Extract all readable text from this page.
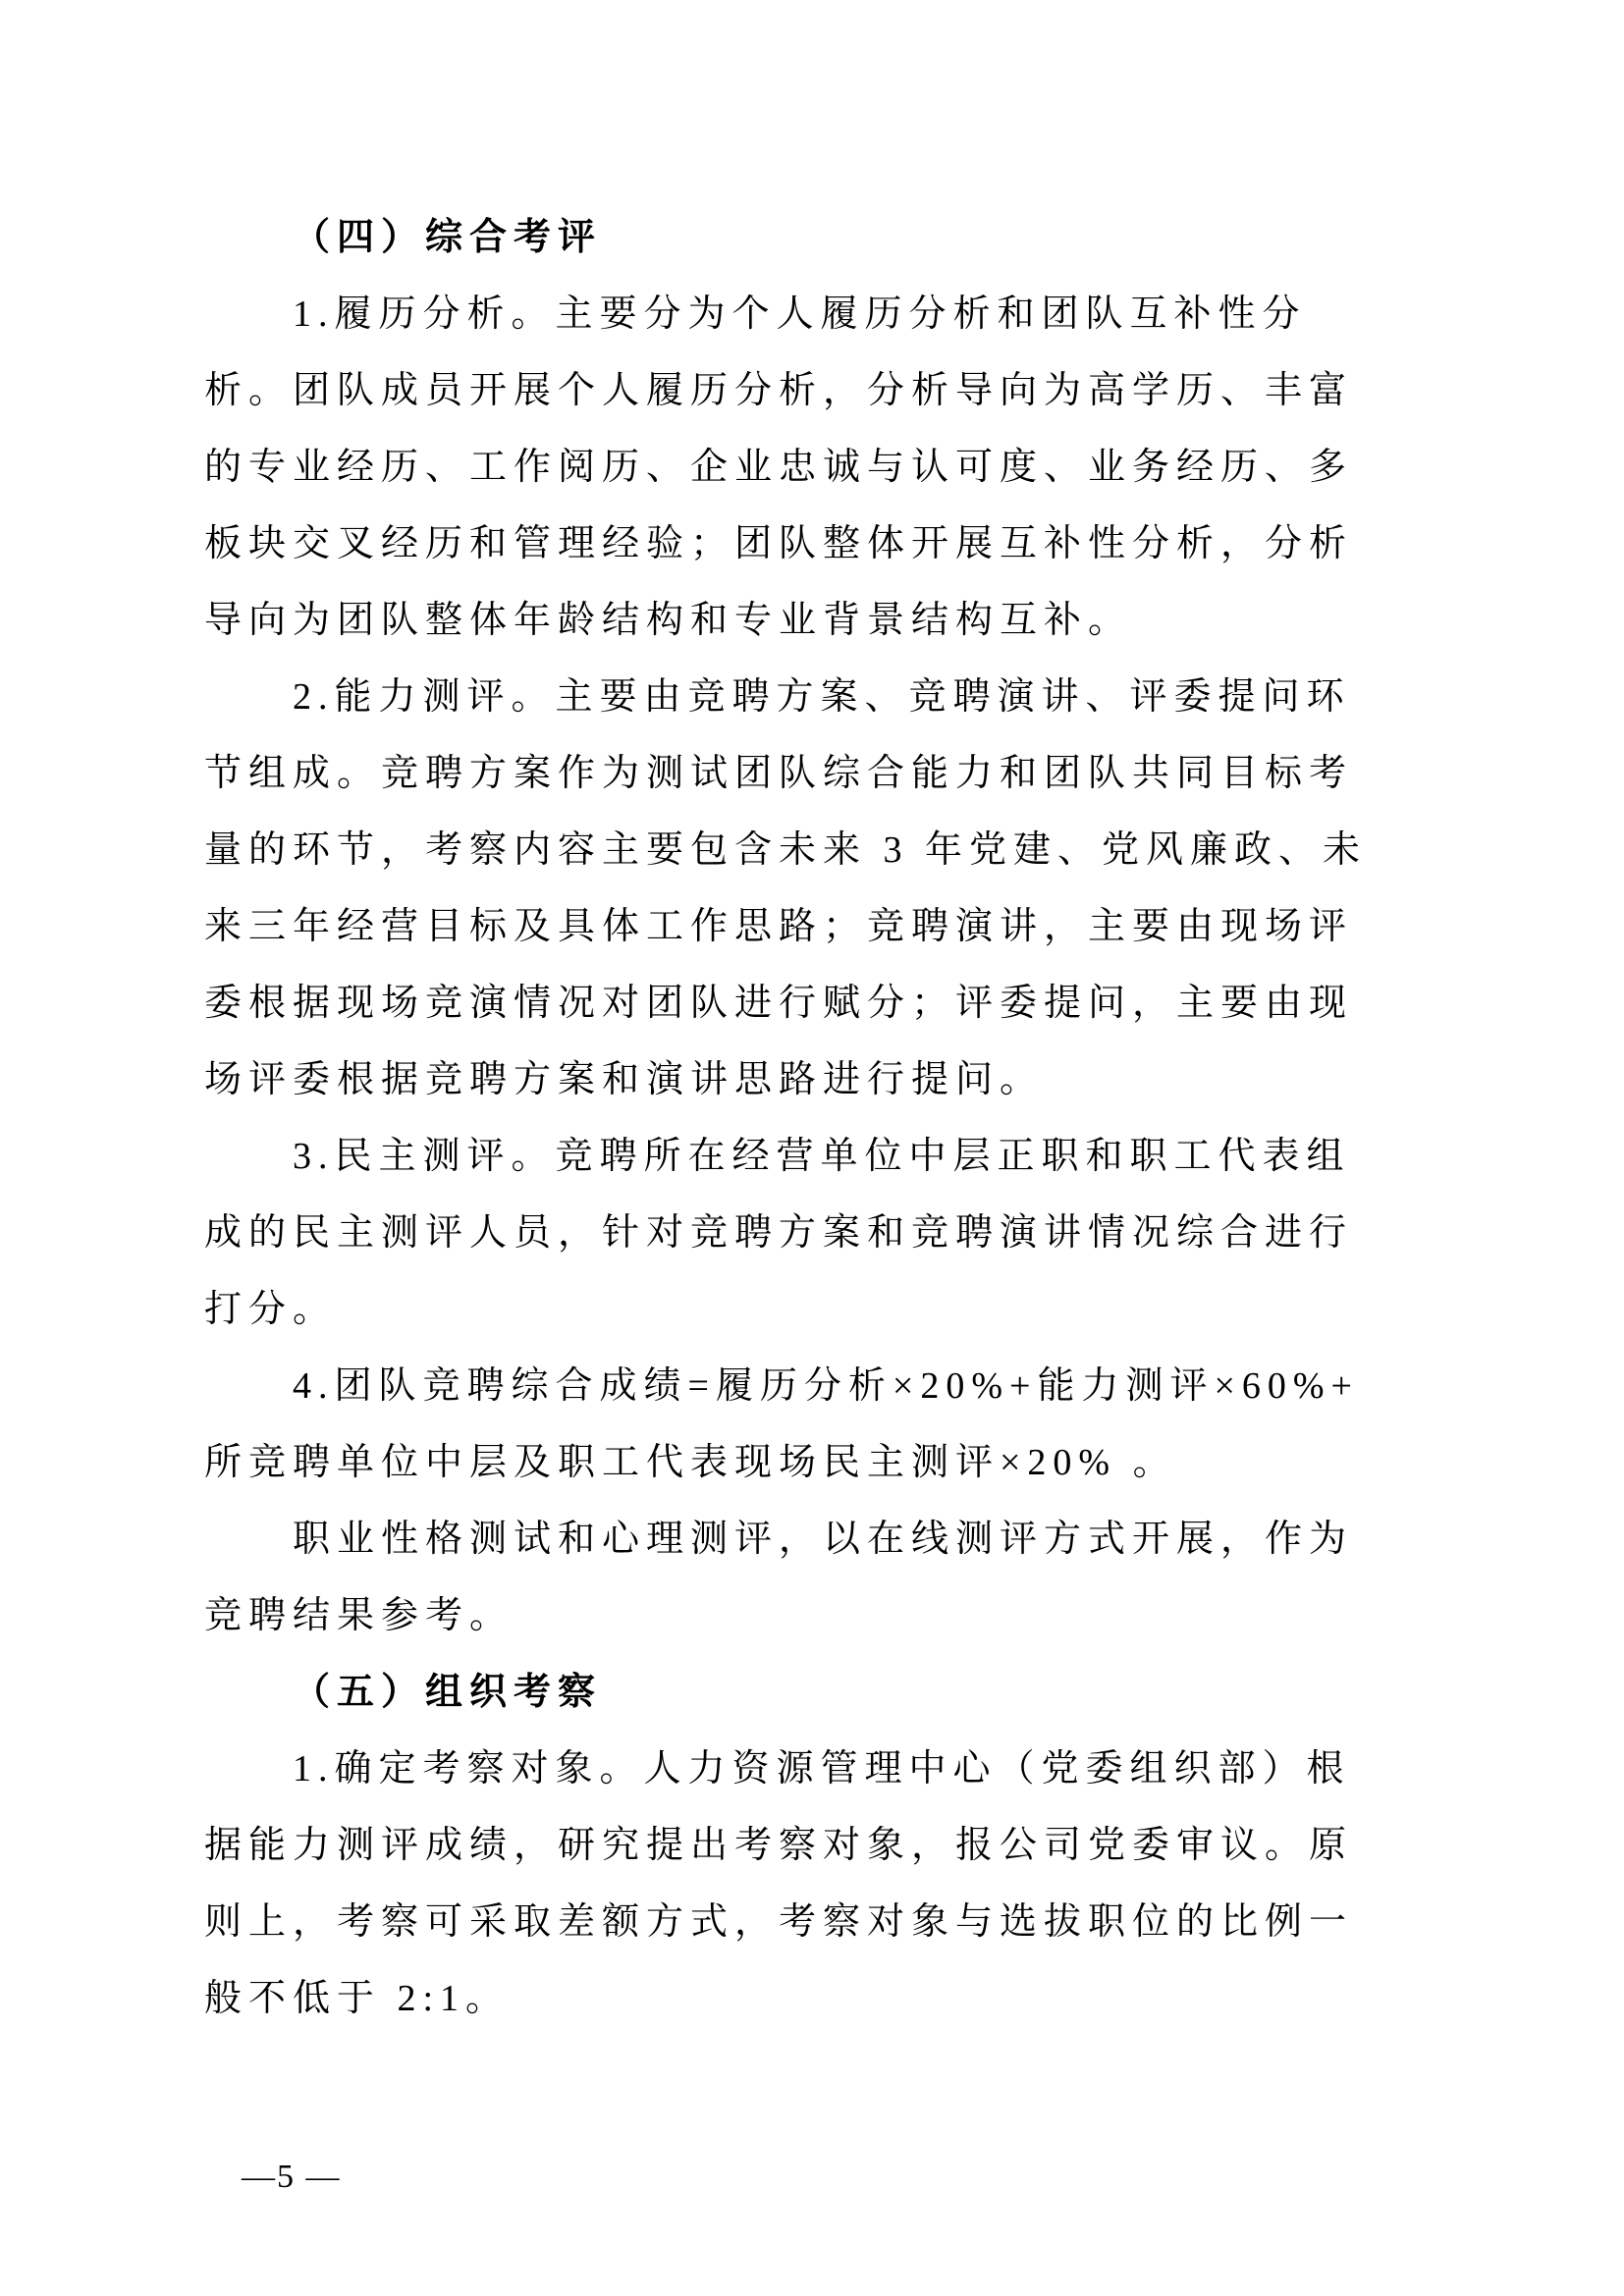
（四）综合考评
1.履历分析。主要分为个人履历分析和团队互补性分
析。团队成员开展个人履历分析，分析导向为高学历、丰富
的专业经历、工作阅历、企业忠诚与认可度、业务经历、多
板块交叉经历和管理经验；团队整体开展互补性分析，分析
导向为团队整体年龄结构和专业背景结构互补。
2.能力测评。主要由竞聘方案、竞聘演讲、评委提问环
节组成。竞聘方案作为测试团队综合能力和团队共同目标考
量的环节，考察内容主要包含未来 3 年党建、党风廉政、未
来三年经营目标及具体工作思路；竞聘演讲，主要由现场评
委根据现场竞演情况对团队进行赋分；评委提问，主要由现
场评委根据竞聘方案和演讲思路进行提问。
3.民主测评。竞聘所在经营单位中层正职和职工代表组
成的民主测评人员，针对竞聘方案和竞聘演讲情况综合进行
打分。
4.团队竞聘综合成绩=履历分析×20%+能力测评×60%+
所竞聘单位中层及职工代表现场民主测评×20% 。
职业性格测试和心理测评，以在线测评方式开展，作为
竞聘结果参考。
（五）组织考察
1.确定考察对象。人力资源管理中心（党委组织部）根
据能力测评成绩，研究提出考察对象，报公司党委审议。原
则上，考察可采取差额方式，考察对象与选拔职位的比例一
般不低于 2:1。
—5 —
